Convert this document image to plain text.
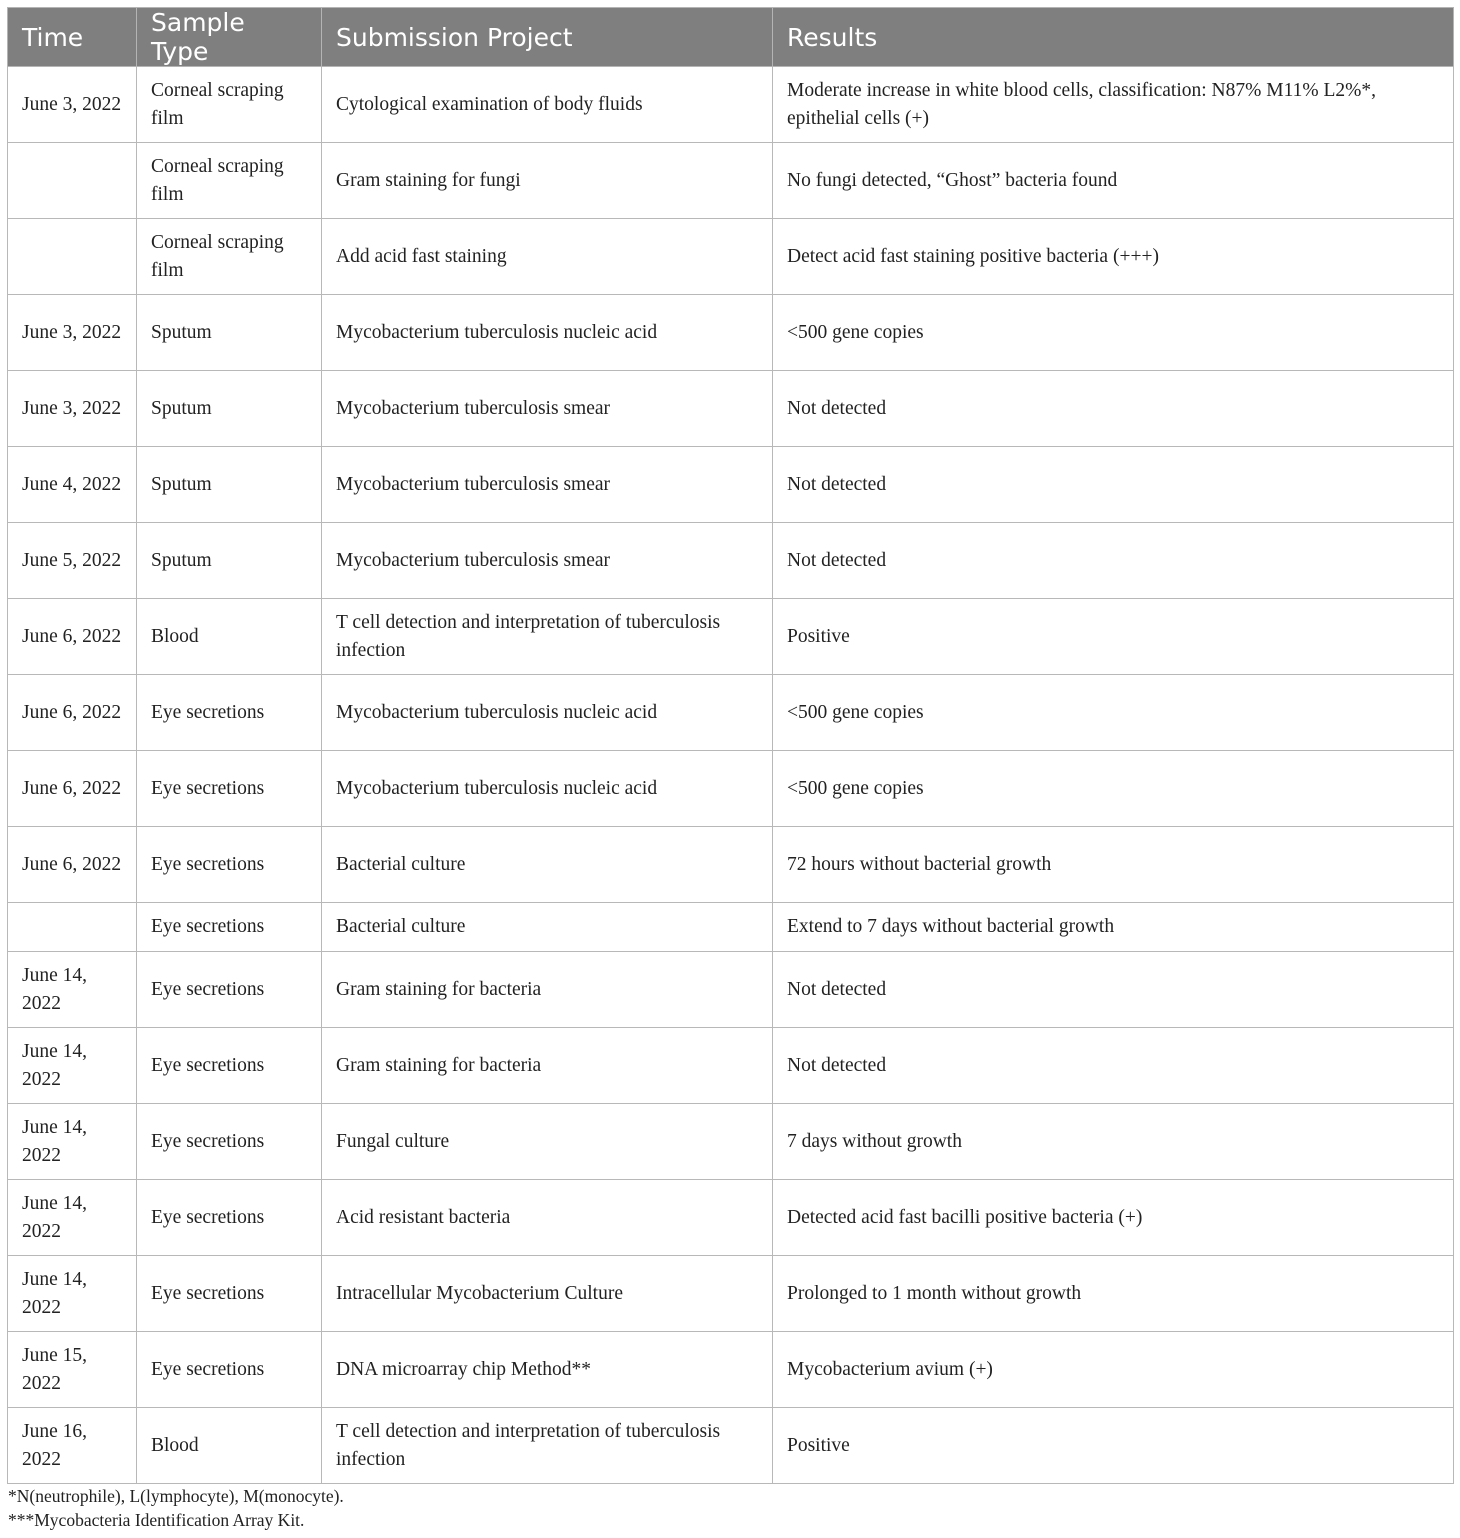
Time	Sample Type	Submission Project	Results
June 3, 2022	Corneal scraping film	Cytological examination of body fluids	Moderate increase in white blood cells, classification: N87% M11% L2%*, epithelial cells (+)
	Corneal scraping film	Gram staining for fungi	No fungi detected, “Ghost” bacteria found
	Corneal scraping film	Add acid fast staining	Detect acid fast staining positive bacteria (+++)
June 3, 2022	Sputum	Mycobacterium tuberculosis nucleic acid	<500 gene copies
June 3, 2022	Sputum	Mycobacterium tuberculosis smear	Not detected
June 4, 2022	Sputum	Mycobacterium tuberculosis smear	Not detected
June 5, 2022	Sputum	Mycobacterium tuberculosis smear	Not detected
June 6, 2022	Blood	T cell detection and interpretation of tuberculosis infection	Positive
June 6, 2022	Eye secretions	Mycobacterium tuberculosis nucleic acid	<500 gene copies
June 6, 2022	Eye secretions	Mycobacterium tuberculosis nucleic acid	<500 gene copies
June 6, 2022	Eye secretions	Bacterial culture	72 hours without bacterial growth
	Eye secretions	Bacterial culture	Extend to 7 days without bacterial growth
June 14, 2022	Eye secretions	Gram staining for bacteria	Not detected
June 14, 2022	Eye secretions	Gram staining for bacteria	Not detected
June 14, 2022	Eye secretions	Fungal culture	7 days without growth
June 14, 2022	Eye secretions	Acid resistant bacteria	Detected acid fast bacilli positive bacteria (+)
June 14, 2022	Eye secretions	Intracellular Mycobacterium Culture	Prolonged to 1 month without growth
June 15, 2022	Eye secretions	DNA microarray chip Method**	Mycobacterium avium (+)
June 16, 2022	Blood	T cell detection and interpretation of tuberculosis infection	Positive
*N(neutrophile), L(lymphocyte), M(monocyte).
***Mycobacteria Identification Array Kit.
